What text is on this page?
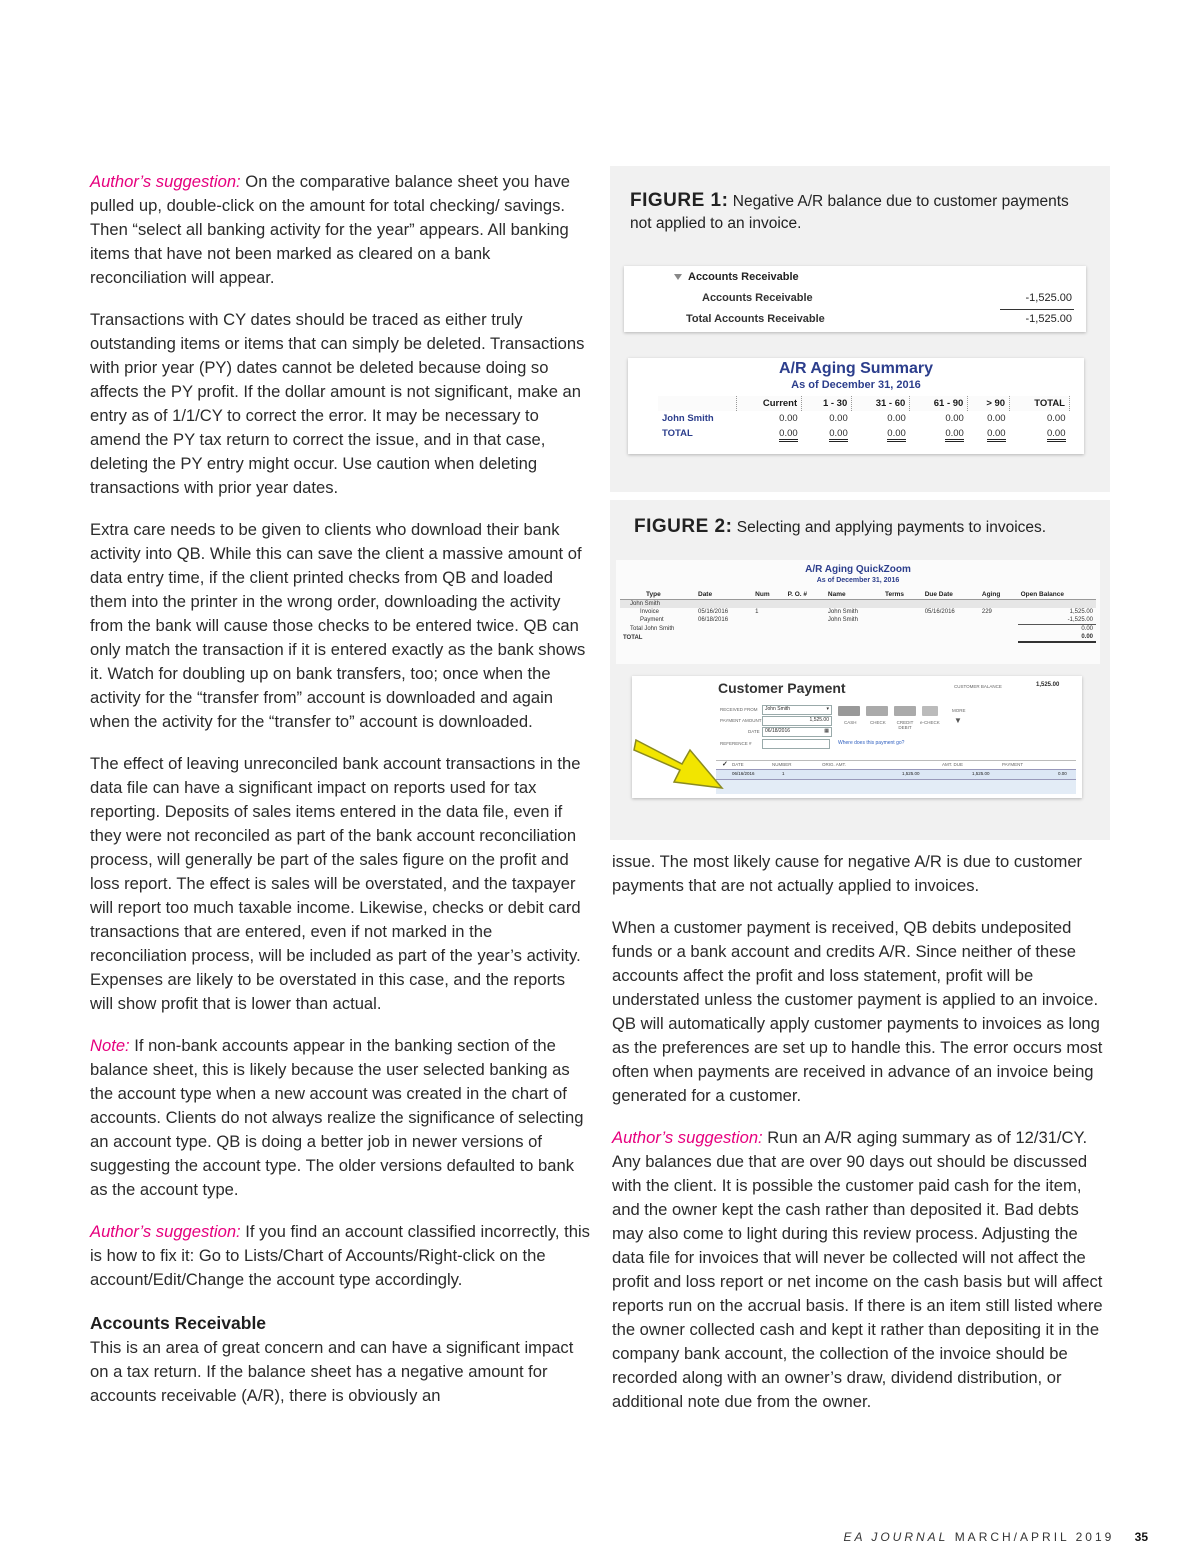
Author’s suggestion: On the comparative balance sheet you have pulled up, double-click on the amount for total checking/ savings. Then “select all banking activity for the year” appears. All banking items that have not been marked as cleared on a bank reconciliation will appear.

Transactions with CY dates should be traced as either truly outstanding items or items that can simply be deleted. Transactions with prior year (PY) dates cannot be deleted because doing so affects the PY profit. If the dollar amount is not significant, make an entry as of 1/1/CY to correct the error. It may be necessary to amend the PY tax return to correct the issue, and in that case, deleting the PY entry might occur. Use caution when deleting transactions with prior year dates.

Extra care needs to be given to clients who download their bank activity into QB. While this can save the client a massive amount of data entry time, if the client printed checks from QB and loaded them into the printer in the wrong order, downloading the activity from the bank will cause those checks to be entered twice. QB can only match the transaction if it is entered exactly as the bank shows it. Watch for doubling up on bank transfers, too; once when the activity for the “transfer from” account is downloaded and again when the activity for the “transfer to” account is downloaded.

The effect of leaving unreconciled bank account transactions in the data file can have a significant impact on reports used for tax reporting. Deposits of sales items entered in the data file, even if they were not reconciled as part of the bank account reconciliation process, will generally be part of the sales figure on the profit and loss report. The effect is sales will be overstated, and the taxpayer will report too much taxable income. Likewise, checks or debit card transactions that are entered, even if not marked in the reconciliation process, will be included as part of the year’s activity. Expenses are likely to be overstated in this case, and the reports will show profit that is lower than actual.

Note: If non-bank accounts appear in the banking section of the balance sheet, this is likely because the user selected banking as the account type when a new account was created in the chart of accounts. Clients do not always realize the significance of selecting an account type. QB is doing a better job in newer versions of suggesting the account type. The older versions defaulted to bank as the account type.

Author’s suggestion: If you find an account classified incorrectly, this is how to fix it: Go to Lists/Chart of Accounts/Right-click on the account/Edit/Change the account type accordingly.

Accounts Receivable

This is an area of great concern and can have a significant impact on a tax return. If the balance sheet has a negative amount for accounts receivable (A/R), there is obviously an

FIGURE 1: Negative A/R balance due to customer payments not applied to an invoice.
Accounts Receivable
Accounts Receivable	-1,525.00
Total Accounts Receivable	-1,525.00
A/R Aging Summary
As of December 31, 2016
	Current	1 - 30	31 - 60	61 - 90	> 90	TOTAL
John Smith	0.00	0.00	0.00	0.00	0.00	0.00
TOTAL	0.00	0.00	0.00	0.00	0.00	0.00
FIGURE 2: Selecting and applying payments to invoices.
A/R Aging QuickZoom
As of December 31, 2016
Type	Date	Num	P. O. #	Name	Terms	Due Date	Aging	Open Balance
John Smith								
Invoice	05/16/2016	1		John Smith		05/16/2016	229	1,525.00
Payment	06/18/2016			John Smith				-1,525.00
Total John Smith								0.00
TOTAL								0.00
Customer Payment	CUSTOMER BALANCE	1,525.00
RECEIVED FROM	John Smith	▾
PAYMENT AMOUNT	1,525.00
DATE	06/18/2016	▦
REFERENCE #
CASH	CHECK	CREDIT DEBIT
e-CHECK
MORE
▼
Where does this payment go?
DATE	NUMBER	ORIG. AMT.	AMT. DUE	PAYMENT
✓
06/16/2016	1	1,525.00	1,525.00	0.00

issue. The most likely cause for negative A/R is due to customer payments that are not actually applied to invoices.

When a customer payment is received, QB debits undeposited funds or a bank account and credits A/R. Since neither of these accounts affect the profit and loss statement, profit will be understated unless the customer payment is applied to an invoice. QB will automatically apply customer payments to invoices as long as the preferences are set up to handle this. The error occurs most often when payments are received in advance of an invoice being generated for a customer.

Author’s suggestion: Run an A/R aging summary as of 12/31/CY. Any balances due that are over 90 days out should be discussed with the client. It is possible the customer paid cash for the item, and the owner kept the cash rather than deposited it. Bad debts may also come to light during this review process. Adjusting the data file for invoices that will never be collected will not affect the profit and loss report or net income on the cash basis but will affect reports run on the accrual basis. If there is an item still listed where the owner collected cash and kept it rather than depositing it in the company bank account, the collection of the invoice should be recorded along with an owner’s draw, dividend distribution, or additional note due from the owner.

EA JOURNAL MARCH/APRIL 2019 35
